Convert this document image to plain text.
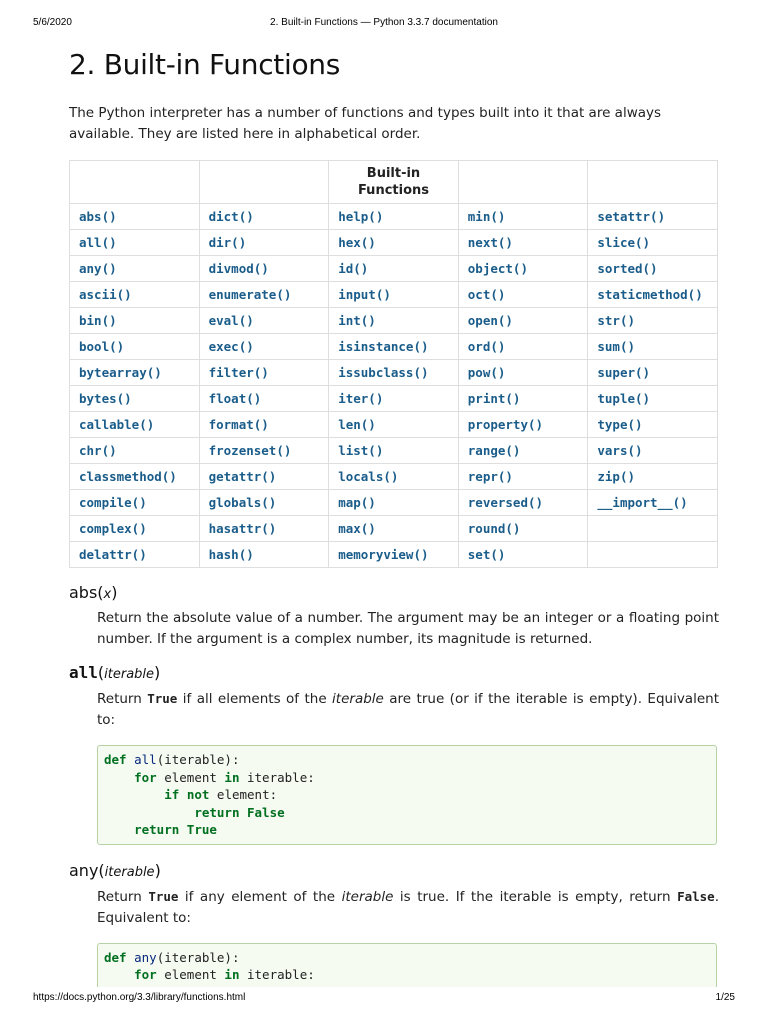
5/6/2020	2. Built-in Functions — Python 3.3.7 documentation
2. Built-in Functions

The Python interpreter has a number of functions and types built into it that are always available. They are listed here in alphabetical order.

		Built-in Functions		
abs()	dict()	help()	min()	setattr()
all()	dir()	hex()	next()	slice()
any()	divmod()	id()	object()	sorted()
ascii()	enumerate()	input()	oct()	staticmethod()
bin()	eval()	int()	open()	str()
bool()	exec()	isinstance()	ord()	sum()
bytearray()	filter()	issubclass()	pow()	super()
bytes()	float()	iter()	print()	tuple()
callable()	format()	len()	property()	type()
chr()	frozenset()	list()	range()	vars()
classmethod()	getattr()	locals()	repr()	zip()
compile()	globals()	map()	reversed()	__import__()
complex()	hasattr()	max()	round()	
delattr()	hash()	memoryview()	set()	
abs(x)

Return the absolute value of a number. The argument may be an integer or a floating point number. If the argument is a complex number, its magnitude is returned.

all(iterable)

Return True if all elements of the iterable are true (or if the iterable is empty). Equivalent to:

def all(iterable):
for element in iterable:
if not element:
return False
return True
any(iterable)

Return True if any element of the iterable is true. If the iterable is empty, return False. Equivalent to:

def any(iterable):
for element in iterable:
https://docs.python.org/3.3/library/functions.html	1/25
